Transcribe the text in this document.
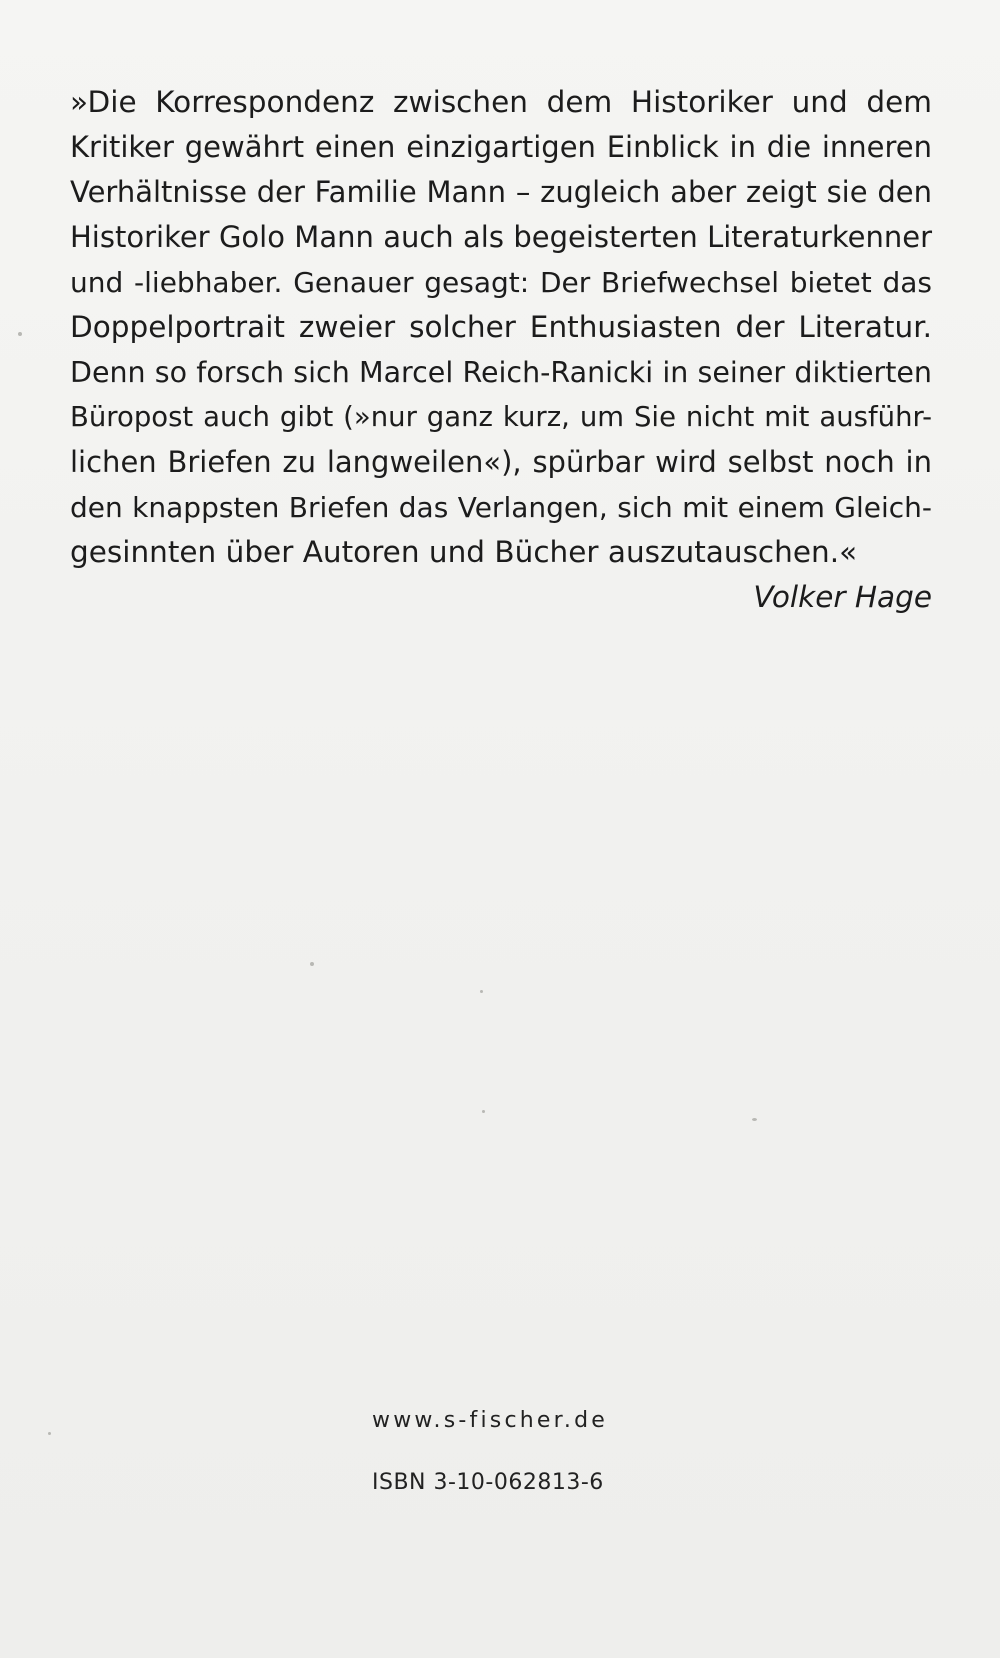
»Die Korrespondenz zwischen dem Historiker und dem
Kritiker gewährt einen einzigartigen Einblick in die inneren
Verhältnisse der Familie Mann – zugleich aber zeigt sie den
Historiker Golo Mann auch als begeisterten Literaturkenner
und -liebhaber. Genauer gesagt: Der Briefwechsel bietet das
Doppelportrait zweier solcher Enthusiasten der Literatur.
Denn so forsch sich Marcel Reich-Ranicki in seiner diktierten
Büropost auch gibt (»nur ganz kurz, um Sie nicht mit ausführ-
lichen Briefen zu langweilen«), spürbar wird selbst noch in
den knappsten Briefen das Verlangen, sich mit einem Gleich-
gesinnten über Autoren und Bücher auszutauschen.«
Volker Hage
www.s-fischer.de
ISBN 3-10-062813-6
